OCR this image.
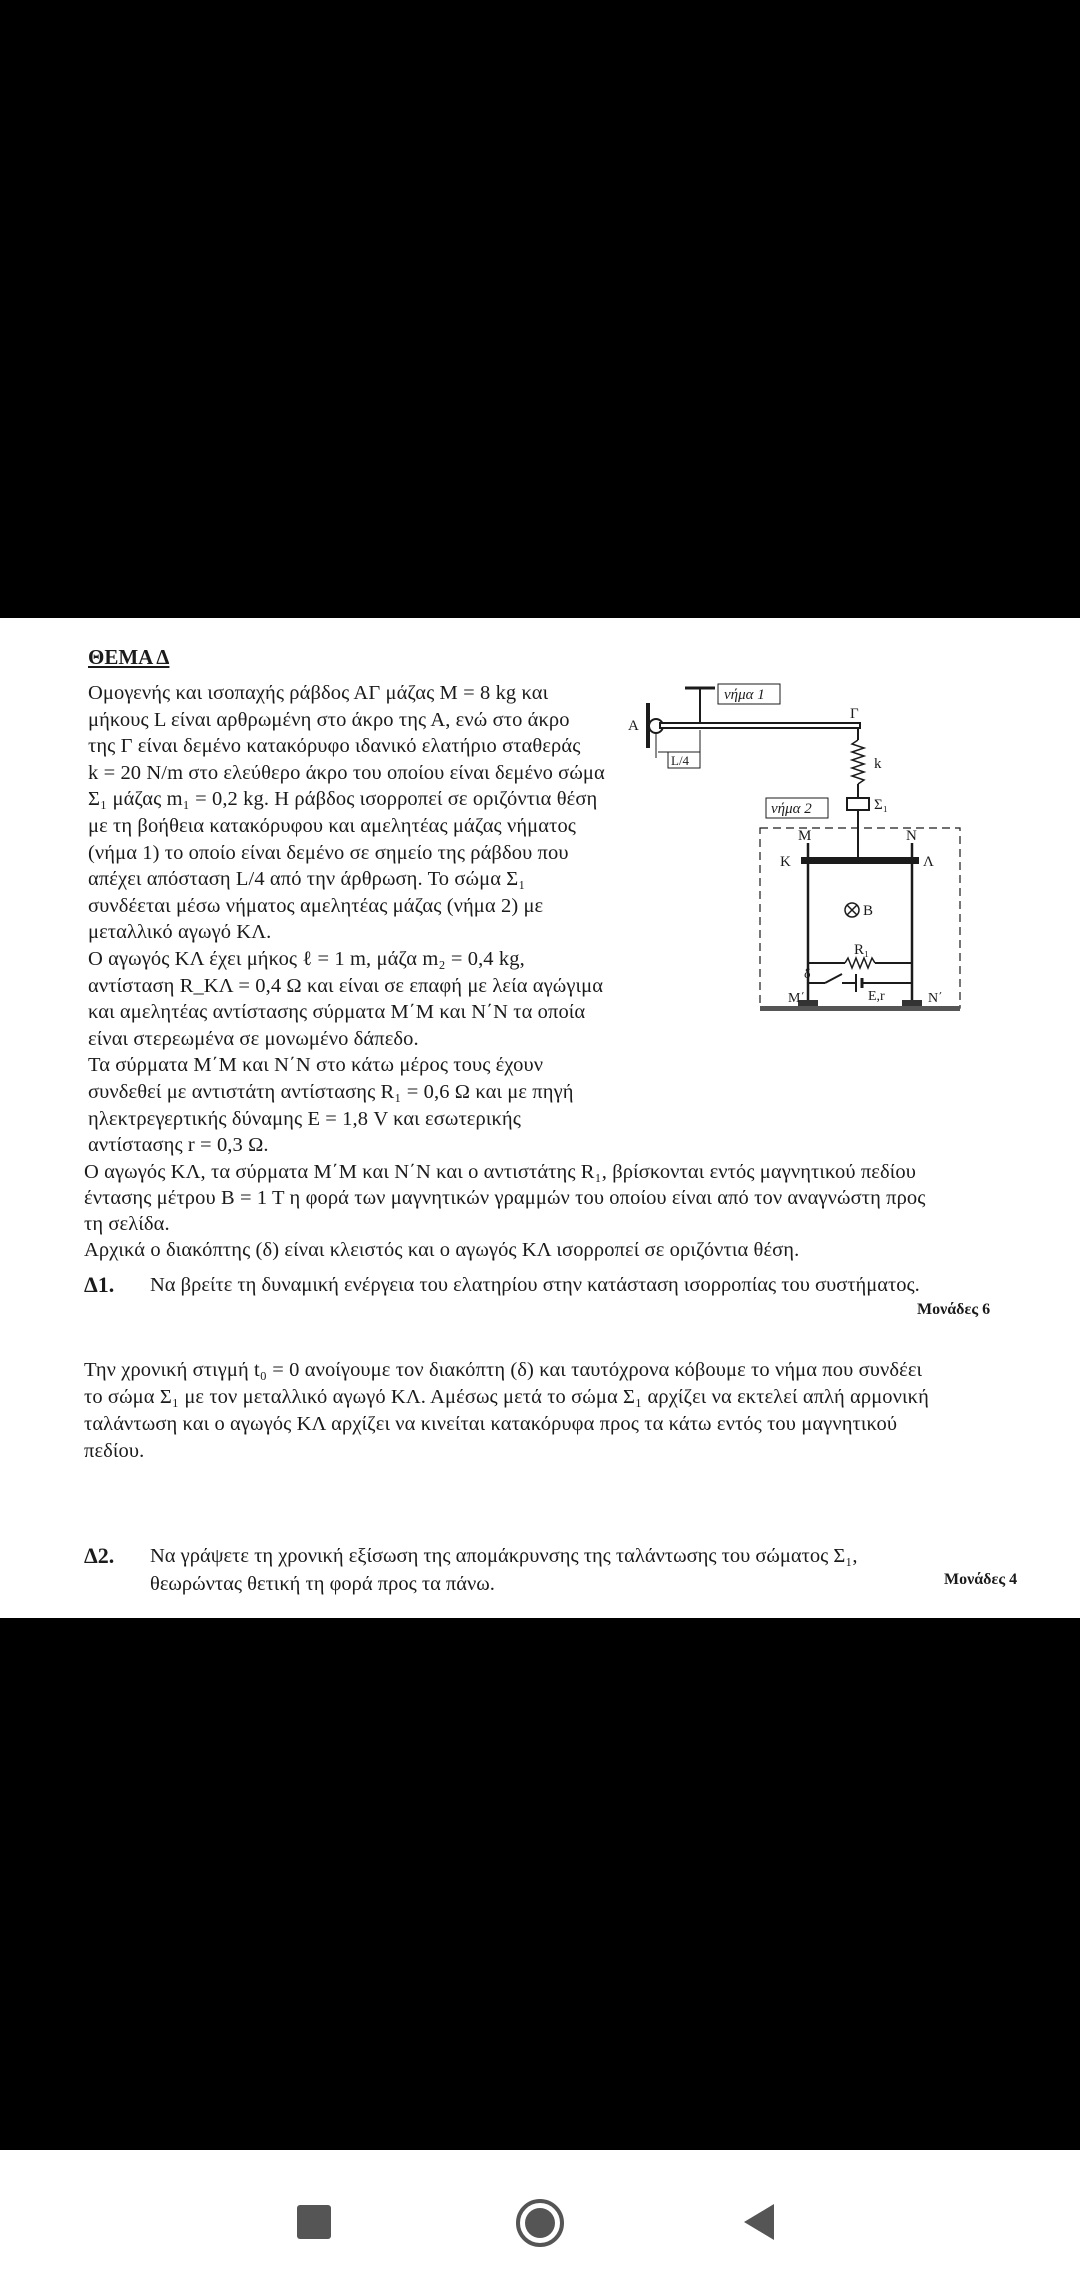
ΘΕΜΑ Δ
Ομογενής και ισοπαχής ράβδος ΑΓ μάζας Μ = 8 kg και
μήκους L είναι αρθρωμένη στο άκρο της Α, ενώ στο άκρο
της Γ είναι δεμένο κατακόρυφο ιδανικό ελατήριο σταθεράς
k = 20 N/m στο ελεύθερο άκρο του οποίου είναι δεμένο σώμα
Σ₁ μάζας m₁ = 0,2 kg. Η ράβδος ισορροπεί σε οριζόντια θέση
με τη βοήθεια κατακόρυφου και αμελητέας μάζας νήματος
(νήμα 1) το οποίο είναι δεμένο σε σημείο της ράβδου που
απέχει απόσταση L/4 από την άρθρωση. Το σώμα Σ₁
συνδέεται μέσω νήματος αμελητέας μάζας (νήμα 2) με
μεταλλικό αγωγό ΚΛ.
Ο αγωγός ΚΛ έχει μήκος ℓ = 1 m, μάζα m₂ = 0,4 kg,
αντίσταση R_ΚΛ = 0,4 Ω και είναι σε επαφή με λεία αγώγιμα
και αμελητέας αντίστασης σύρματα Μ΄Μ και Ν΄Ν τα οποία
είναι στερεωμένα σε μονωμένο δάπεδο.
Τα σύρματα Μ΄Μ και Ν΄Ν στο κάτω μέρος τους έχουν
συνδεθεί με αντιστάτη αντίστασης R₁ = 0,6 Ω και με πηγή
ηλεκτρεγερτικής δύναμης Ε = 1,8 V και εσωτερικής
αντίστασης r = 0,3 Ω.
Ο αγωγός ΚΛ, τα σύρματα Μ΄Μ και Ν΄Ν και ο αντιστάτης R₁, βρίσκονται εντός μαγνητικού πεδίου
έντασης μέτρου Β = 1 Τ η φορά των μαγνητικών γραμμών του οποίου είναι από τον αναγνώστη προς
τη σελίδα.
Αρχικά ο διακόπτης (δ) είναι κλειστός και ο αγωγός ΚΛ ισορροπεί σε οριζόντια θέση.
Δ1. Να βρείτε τη δυναμική ενέργεια του ελατηρίου στην κατάσταση ισορροπίας του συστήματος.
Μονάδες 6
Την χρονική στιγμή t₀ = 0 ανοίγουμε τον διακόπτη (δ) και ταυτόχρονα κόβουμε το νήμα που συνδέει
το σώμα Σ₁ με τον μεταλλικό αγωγό ΚΛ. Αμέσως μετά το σώμα Σ₁ αρχίζει να εκτελεί απλή αρμονική
ταλάντωση και ο αγωγός ΚΛ αρχίζει να κινείται κατακόρυφα προς τα κάτω εντός του μαγνητικού
πεδίου.
Δ2. Να γράψετε τη χρονική εξίσωση της απομάκρυνσης της ταλάντωσης του σώματος Σ₁,
θεωρώντας θετική τη φορά προς τα πάνω.	Μονάδες 4
νήμα 1
Α
Γ
k
Σ₁
L/4
νήμα 2
Μ	Ν
Κ	Λ
B
R₁
δ
E,r
Μ΄	Ν΄
